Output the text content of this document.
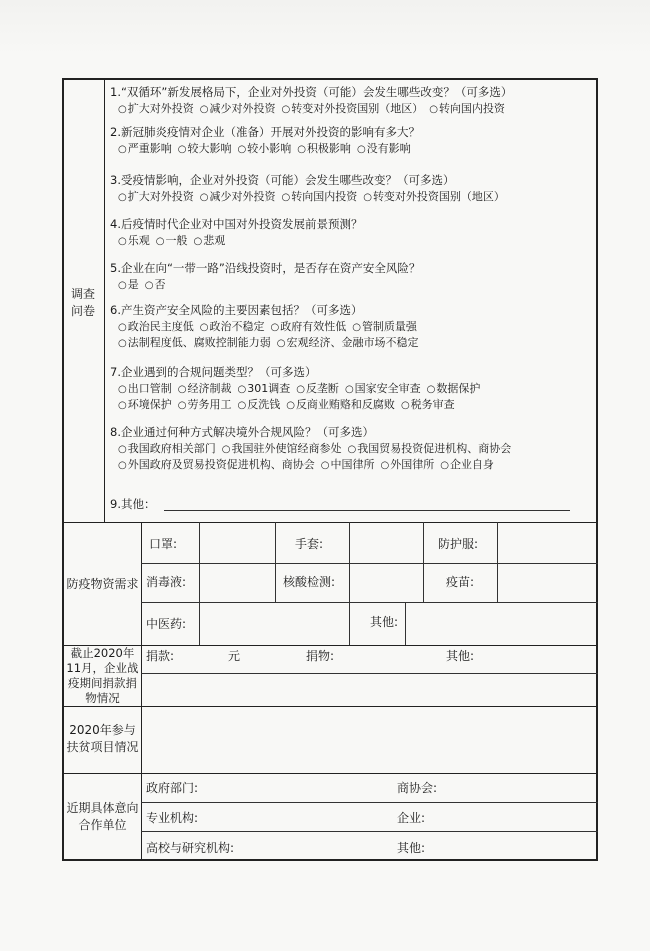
调查问卷
1.“双循环”新发展格局下，企业对外投资（可能）会发生哪些改变？（可多选）
○ 扩大对外投资 ○ 减少对外投资 ○ 转变对外投资国别（地区） ○ 转向国内投资
2.新冠肺炎疫情对企业（准备）开展对外投资的影响有多大？
○ 严重影响 ○ 较大影响 ○ 较小影响 ○ 积极影响 ○ 没有影响
3.受疫情影响，企业对外投资（可能）会发生哪些改变？（可多选）
○ 扩大对外投资 ○ 减少对外投资 ○ 转向国内投资 ○ 转变对外投资国别（地区）
4.后疫情时代企业对中国对外投资发展前景预测？
○ 乐观 ○ 一般 ○ 悲观
5.企业在向“一带一路”沿线投资时，是否存在资产安全风险？
○ 是 ○ 否
6.产生资产安全风险的主要因素包括？（可多选）
○ 政治民主度低 ○ 政治不稳定 ○ 政府有效性低 ○ 管制质量强
○ 法制程度低、腐败控制能力弱 ○ 宏观经济、金融市场不稳定
7.企业遇到的合规问题类型？（可多选）
○ 出口管制 ○ 经济制裁 ○ 301调查 ○ 反垄断 ○ 国家安全审查 ○ 数据保护
○ 环境保护 ○ 劳务用工 ○ 反洗钱 ○ 反商业贿赂和反腐败 ○ 税务审查
8.企业通过何种方式解决境外合规风险？（可多选）
○ 我国政府相关部门 ○ 我国驻外使馆经商参处 ○ 我国贸易投资促进机构、商协会
○ 外国政府及贸易投资促进机构、商协会 ○ 中国律所 ○ 外国律所 ○ 企业自身
9.其他：
防疫物资需求
口罩:	手套:	防护服:
消毒液:	核酸检测:	疫苗:
中医药:	其他:
截止2020年11月，企业战疫期间捐款捐物情况
捐款:	元	捐物:	其他:
2020年参与扶贫项目情况
近期具体意向合作单位
政府部门:	商协会:
专业机构:	企业:
高校与研究机构:	其他:
